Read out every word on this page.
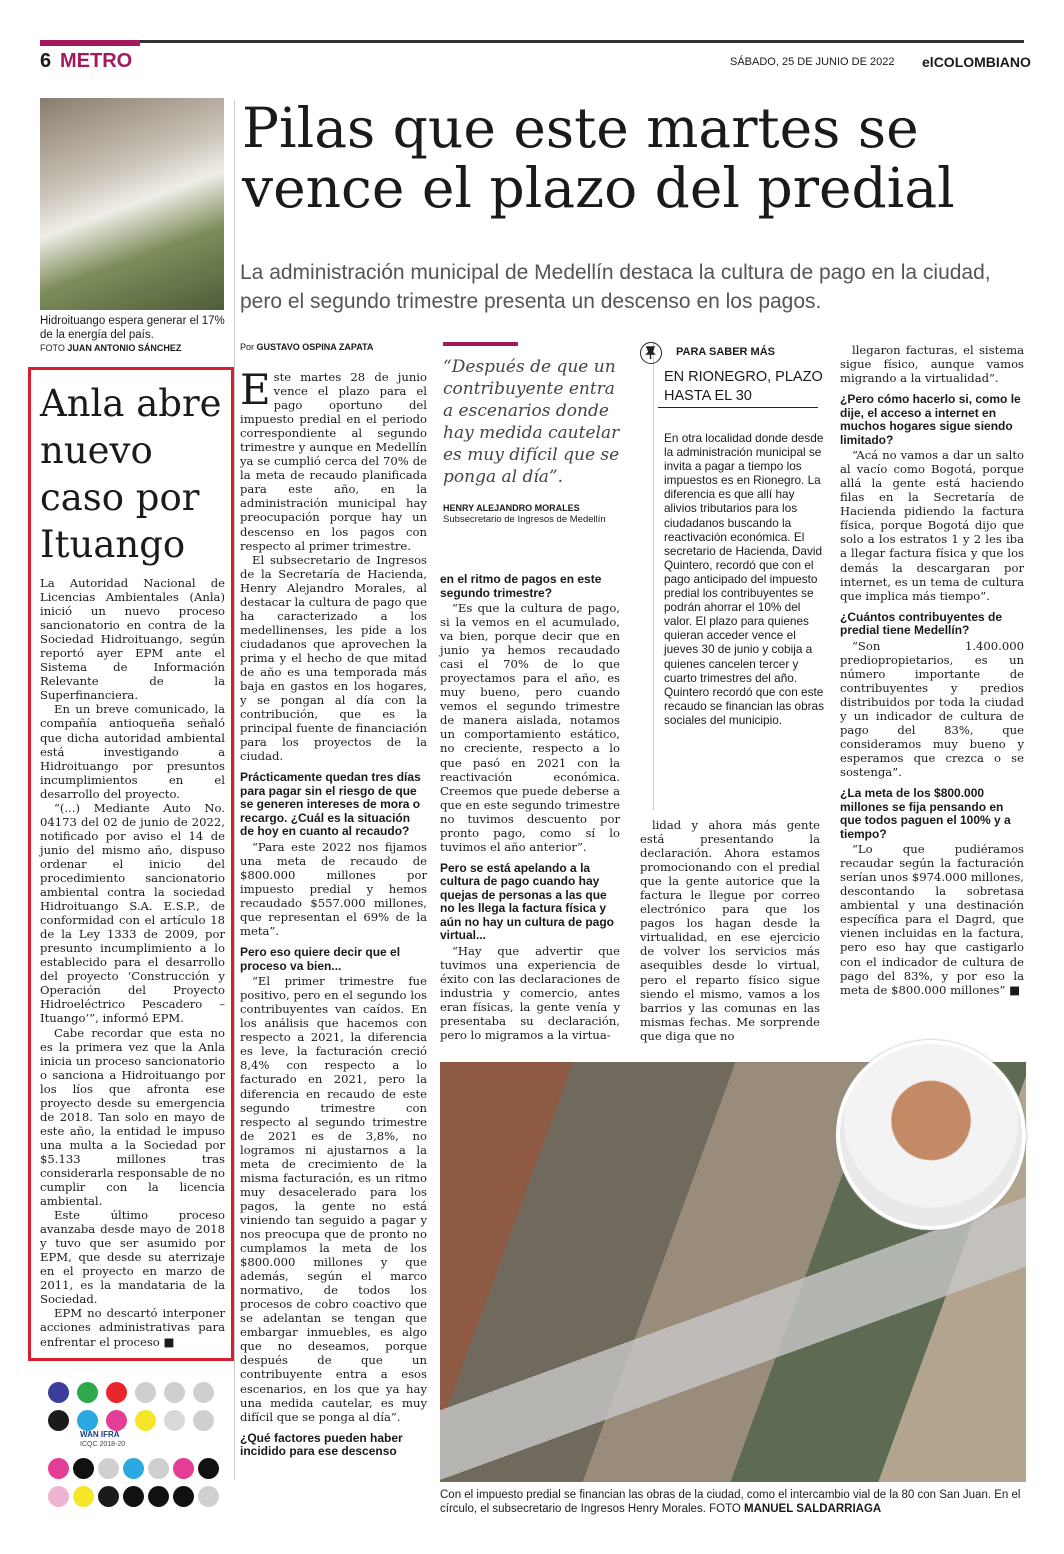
6 METRO	SÁBADO, 25 DE JUNIO DE 2022 elCOLOMBIANO
Hidroituango espera generar el 17% de la energía del país.
FOTO JUAN ANTONIO SÁNCHEZ
Pilas que este martes se vence el plazo del predial
La administración municipal de Medellín destaca la cultura de pago en la ciudad, pero el segundo trimestre presenta un descenso en los pagos.
Por GUSTAVO OSPINA ZAPATA
Anla abre nuevo caso por Ituango

La Autoridad Nacional de Licencias Ambientales (Anla) inició un nuevo proceso sancionatorio en contra de la Sociedad Hidroituango, según reportó ayer EPM ante el Sistema de Información Relevante de la Superfinanciera.

En un breve comunicado, la compañía antioqueña señaló que dicha autoridad ambiental está investigando a Hidroituango por presuntos incumplimientos en el desarrollo del proyecto.

“(...) Mediante Auto No. 04173 del 02 de junio de 2022, notificado por aviso el 14 de junio del mismo año, dispuso ordenar el inicio del procedimiento sancionatorio ambiental contra la sociedad Hidroituango S.A. E.S.P., de conformidad con el artículo 18 de la Ley 1333 de 2009, por presunto incumplimiento a lo establecido para el desarrollo del proyecto ‘Construcción y Operación del Proyecto Hidroeléctrico Pescadero – Ituango’”, informó EPM.

Cabe recordar que esta no es la primera vez que la Anla inicia un proceso sancionatorio o sanciona a Hidroituango por los líos que afronta ese proyecto desde su emergencia de 2018. Tan solo en mayo de este año, la entidad le impuso una multa a la Sociedad por $5.133 millones tras considerarla responsable de no cumplir con la licencia ambiental.

Este último proceso avanzaba desde mayo de 2018 y tuvo que ser asumido por EPM, que desde su aterrizaje en el proyecto en marzo de 2011, es la mandataria de la Sociedad.

EPM no descartó interponer acciones administrativas para enfrentar el proceso ■

WAN IFRA
ICQC 2018-20

Este martes 28 de junio vence el plazo para el pago oportuno del impuesto predial en el periodo correspondiente al segundo trimestre y aunque en Medellín ya se cumplió cerca del 70% de la meta de recaudo planificada para este año, en la administración municipal hay preocupación porque hay un descenso en los pagos con respecto al primer trimestre.

El subsecretario de Ingresos de la Secretaría de Hacienda, Henry Alejandro Morales, al destacar la cultura de pago que ha caracterizado a los medellinenses, les pide a los ciudadanos que aprovechen la prima y el hecho de que mitad de año es una temporada más baja en gastos en los hogares, y se pongan al día con la contribución, que es la principal fuente de financiación para los proyectos de la ciudad.

Prácticamente quedan tres días para pagar sin el riesgo de que se generen intereses de mora o recargo. ¿Cuál es la situación de hoy en cuanto al recaudo?

“Para este 2022 nos fijamos una meta de recaudo de $800.000 millones por impuesto predial y hemos recaudado $557.000 millones, que representan el 69% de la meta”.

Pero eso quiere decir que el proceso va bien...

“El primer trimestre fue positivo, pero en el segundo los contribuyentes van caídos. En los análisis que hacemos con respecto a 2021, la diferencia es leve, la facturación creció 8,4% con respecto a lo facturado en 2021, pero la diferencia en recaudo de este segundo trimestre con respecto al segundo trimestre de 2021 es de 3,8%, no logramos ni ajustarnos a la meta de crecimiento de la misma facturación, es un ritmo muy desacelerado para los pagos, la gente no está viniendo tan seguido a pagar y nos preocupa que de pronto no cumplamos la meta de los $800.000 millones y que además, según el marco normativo, de todos los procesos de cobro coactivo que se adelantan se tengan que embargar inmuebles, es algo que no deseamos, porque después de que un contribuyente entra a esos escenarios, en los que ya hay una medida cautelar, es muy difícil que se ponga al día”.

¿Qué factores pueden haber incidido para ese descenso
“Después de que un contribuyente entra a escenarios donde hay medida cautelar es muy difícil que se ponga al día”.
HENRY ALEJANDRO MORALES
Subsecretario de Ingresos de Medellín
en el ritmo de pagos en este segundo trimestre?

“Es que la cultura de pago, si la vemos en el acumulado, va bien, porque decir que en junio ya hemos recaudado casi el 70% de lo que proyectamos para el año, es muy bueno, pero cuando vemos el segundo trimestre de manera aislada, notamos un comportamiento estático, no creciente, respecto a lo que pasó en 2021 con la reactivación económica. Creemos que puede deberse a que en este segundo trimestre no tuvimos descuento por pronto pago, como sí lo tuvimos el año anterior”.

Pero se está apelando a la cultura de pago cuando hay quejas de personas a las que no les llega la factura física y aún no hay un cultura de pago virtual...

“Hay que advertir que tuvimos una experiencia de éxito con las declaraciones de industria y comercio, antes eran físicas, la gente venía y presentaba su declaración, pero lo migramos a la virtua-

PARA SABER MÁS
EN RIONEGRO, PLAZO HASTA EL 30
En otra localidad donde desde la administración municipal se invita a pagar a tiempo los impuestos es en Rionegro. La diferencia es que allí hay alivios tributarios para los ciudadanos buscando la reactivación económica. El secretario de Hacienda, David Quintero, recordó que con el pago anticipado del impuesto predial los contribuyentes se podrán ahorrar el 10% del valor. El plazo para quienes quieran acceder vence el jueves 30 de junio y cobija a quienes cancelen tercer y cuarto trimestres del año. Quintero recordó que con este recaudo se financian las obras sociales del municipio.

lidad y ahora más gente está presentando la declaración. Ahora estamos promocionando con el predial que la gente autorice que la factura le llegue por correo electrónico para que los pagos los hagan desde la virtualidad, en ese ejercicio de volver los servicios más asequibles desde lo virtual, pero el reparto físico sigue siendo el mismo, vamos a los barrios y las comunas en las mismas fechas. Me sorprende que diga que no

llegaron facturas, el sistema sigue físico, aunque vamos migrando a la virtualidad”.

¿Pero cómo hacerlo si, como le dije, el acceso a internet en muchos hogares sigue siendo limitado?

“Acá no vamos a dar un salto al vacío como Bogotá, porque allá la gente está haciendo filas en la Secretaría de Hacienda pidiendo la factura física, porque Bogotá dijo que solo a los estratos 1 y 2 les iba a llegar factura física y que los demás la descargaran por internet, es un tema de cultura que implica más tiempo”.

¿Cuántos contribuyentes de predial tiene Medellín?

“Son 1.400.000 prediopropietarios, es un número importante de contribuyentes y predios distribuidos por toda la ciudad y un indicador de cultura de pago del 83%, que consideramos muy bueno y esperamos que crezca o se sostenga”.

¿La meta de los $800.000 millones se fija pensando en que todos paguen el 100% y a tiempo?

“Lo que pudiéramos recaudar según la facturación serían unos $974.000 millones, descontando la sobretasa ambiental y una destinación específica para el Dagrd, que vienen incluidas en la factura, pero eso hay que castigarlo con el indicador de cultura de pago del 83%, y por eso la meta de $800.000 millones” ■

Con el impuesto predial se financian las obras de la ciudad, como el intercambio vial de la 80 con San Juan. En el círculo, el subsecretario de Ingresos Henry Morales. FOTO MANUEL SALDARRIAGA
